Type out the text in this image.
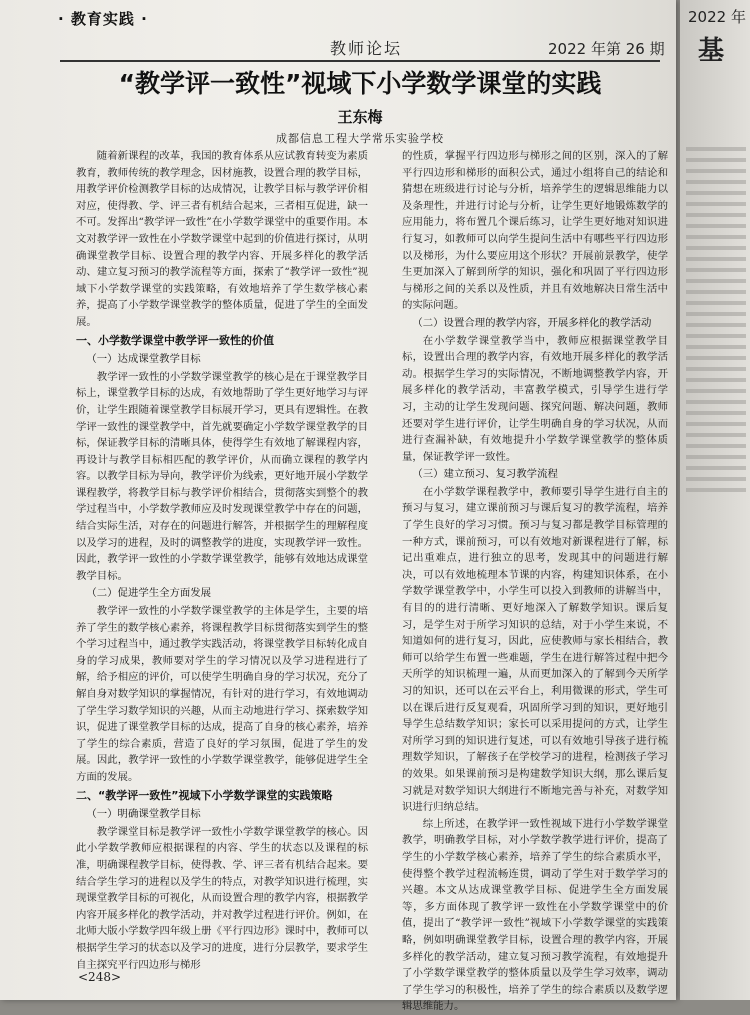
· 教育实践 ·
教师论坛	2022 年第 26 期
“教学评一致性”视域下小学数学课堂的实践
王东梅
成都信息工程大学常乐实验学校

随着新课程的改革，我国的教育体系从应试教育转变为素质教育，教师传统的教学理念，因材施教，设置合理的教学目标，用教学评价检测教学目标的达成情况，让教学目标与教学评价相对应，使得教、学、评三者有机结合起来，三者相互促进，缺一不可。发挥出“教学评一致性”在小学数学课堂中的重要作用。本文对教学评一致性在小学数学课堂中起到的价值进行探讨，从明确课堂教学目标、设置合理的教学内容、开展多样化的教学活动、建立复习预习的教学流程等方面，探索了“教学评一致性”视域下小学数学课堂的实践策略，有效地培养了学生数学核心素养，提高了小学数学课堂教学的整体质量，促进了学生的全面发展。

一、小学数学课堂中教学评一致性的价值
（一）达成课堂教学目标

教学评一致性的小学数学课堂教学的核心是在于课堂教学目标上，课堂教学目标的达成，有效地帮助了学生更好地学习与评价，让学生跟随着课堂教学目标展开学习，更具有逻辑性。在教学评一致性的课堂教学中，首先就要确定小学数学课堂教学的目标，保证教学目标的清晰具体，使得学生有效地了解课程内容，再设计与教学目标相匹配的教学评价，从而确立课程的教学内容。以教学目标为导向，教学评价为线索，更好地开展小学数学课程教学，将教学目标与教学评价相结合，贯彻落实到整个的教学过程当中，小学数学教师应及时发现课堂教学中存在的问题，结合实际生活，对存在的问题进行解答，并根据学生的理解程度以及学习的进程，及时的调整教学的进度，实现教学评一致性。因此，教学评一致性的小学数学课堂教学，能够有效地达成课堂教学目标。

（二）促进学生全方面发展

教学评一致性的小学数学课堂教学的主体是学生，主要的培养了学生的数学核心素养，将课程教学目标贯彻落实到学生的整个学习过程当中，通过教学实践活动，将课堂教学目标转化成自身的学习成果，教师要对学生的学习情况以及学习进程进行了解，给予相应的评价，可以使学生明确自身的学习状况，充分了解自身对数学知识的掌握情况，有针对的进行学习，有效地调动了学生学习数学知识的兴趣，从而主动地进行学习、探索数学知识，促进了课堂教学目标的达成，提高了自身的核心素养，培养了学生的综合素质，营造了良好的学习氛围，促进了学生的发展。因此，教学评一致性的小学数学课堂教学，能够促进学生全方面的发展。

二、“教学评一致性”视域下小学数学课堂的实践策略
（一）明确课堂教学目标

教学课堂目标是教学评一致性小学数学课堂教学的核心。因此小学数学教师应根据课程的内容、学生的状态以及课程的标准，明确课程教学目标，使得教、学、评三者有机结合起来。要结合学生学习的进程以及学生的特点，对教学知识进行梳理，实现课堂教学目标的可视化，从而设置合理的教学内容，根据教学内容开展多样化的教学活动，并对教学过程进行评价。例如，在北师大版小学数学四年级上册《平行四边形》课时中，教师可以根据学生学习的状态以及学习的进度，进行分层教学，要求学生自主探究平行四边形与梯形

的性质，掌握平行四边形与梯形之间的区别，深入的了解平行四边形和梯形的面积公式，通过小组将自己的结论和猜想在班级进行讨论与分析，培养学生的逻辑思维能力以及条理性，并进行讨论与分析，让学生更好地锻炼数学的应用能力，将布置几个课后练习，让学生更好地对知识进行复习，如教师可以向学生提问生活中有哪些平行四边形以及梯形，为什么要应用这个形状？开展前景教学，使学生更加深入了解到所学的知识，强化和巩固了平行四边形与梯形之间的关系以及性质，并且有效地解决日常生活中的实际问题。

（二）设置合理的教学内容，开展多样化的教学活动

在小学数学课堂教学当中，教师应根据课堂教学目标，设置出合理的教学内容，有效地开展多样化的教学活动。根据学生学习的实际情况，不断地调整教学内容，开展多样化的教学活动，丰富教学模式，引导学生进行学习，主动的让学生发现问题、探究问题、解决问题，教师还要对学生进行评价，让学生明确自身的学习状况，从而进行查漏补缺，有效地提升小学数学课堂教学的整体质量，保证教学评一致性。

（三）建立预习、复习教学流程

在小学数学课程教学中，教师要引导学生进行自主的预习与复习，建立课前预习与课后复习的教学流程，培养了学生良好的学习习惯。预习与复习都是教学目标管理的一种方式，课前预习，可以有效地对新课程进行了解，标记出重难点，进行独立的思考，发现其中的问题进行解决，可以有效地梳理本节课的内容，构建知识体系，在小学数学课堂教学中，小学生可以投入到教师的讲解当中，有目的的进行清晰、更好地深入了解数学知识。课后复习，是学生对于所学习知识的总结，对于小学生来说，不知道如何的进行复习，因此，应使教师与家长相结合，教师可以给学生布置一些难题，学生在进行解答过程中把今天所学的知识梳理一遍，从而更加深入的了解到今天所学习的知识，还可以在云平台上，利用微课的形式，学生可以在课后进行反复观看，巩固所学习到的知识，更好地引导学生总结数学知识；家长可以采用提问的方式，让学生对所学习到的知识进行复述，可以有效地引导孩子进行梳理数学知识，了解孩子在学校学习的进程，检测孩子学习的效果。如果课前预习是构建数学知识大纲，那么课后复习就是对数学知识大纲进行不断地完善与补充，对数学知识进行归纳总结。

综上所述，在教学评一致性视域下进行小学数学课堂教学，明确教学目标，对小学数学教学进行评价，提高了学生的小学数学核心素养，培养了学生的综合素质水平，使得整个教学过程流畅连贯，调动了学生对于数学学习的兴趣。本文从达成课堂教学目标、促进学生全方面发展等，多方面体现了教学评一致性在小学数学课堂中的价值，提出了“教学评一致性”视域下小学数学课堂的实践策略，例如明确课堂教学目标，设置合理的教学内容，开展多样化的教学活动，建立复习预习教学流程，有效地提升了小学数学课堂教学的整体质量以及学生学习效率，调动了学生学习的积极性，培养了学生的综合素质以及数学逻辑思维能力。

<248>
2022 年
基
